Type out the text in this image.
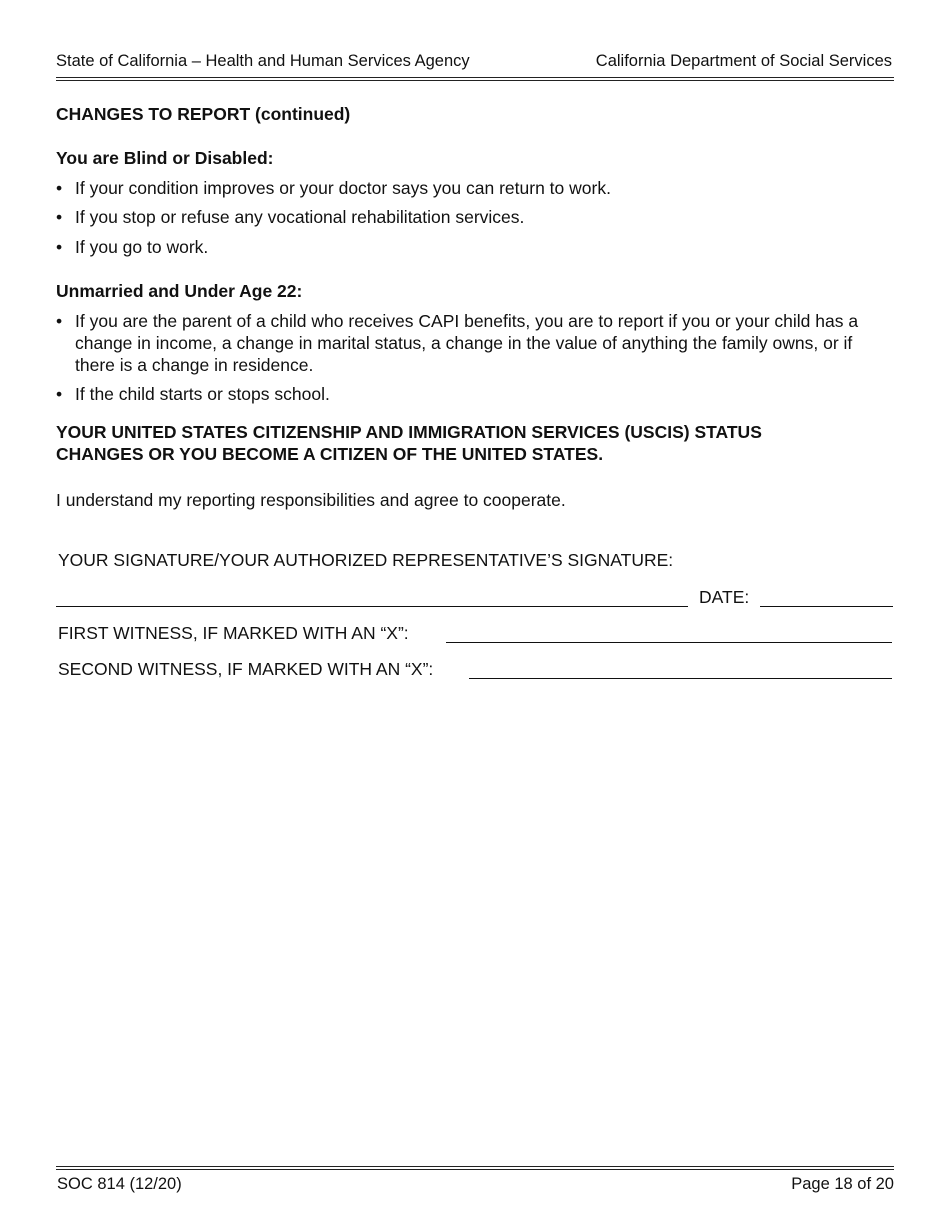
State of California – Health and Human Services Agency	California Department of Social Services
CHANGES TO REPORT (continued)
You are Blind or Disabled:
• If your condition improves or your doctor says you can return to work.
• If you stop or refuse any vocational rehabilitation services.
• If you go to work.
Unmarried and Under Age 22:
• If you are the parent of a child who receives CAPI benefits, you are to report if you or your child has a change in income, a change in marital status, a change in the value of anything the family owns, or if there is a change in residence.
• If the child starts or stops school.
YOUR UNITED STATES CITIZENSHIP AND IMMIGRATION SERVICES (USCIS) STATUS CHANGES OR YOU BECOME A CITIZEN OF THE UNITED STATES.
I understand my reporting responsibilities and agree to cooperate.
YOUR SIGNATURE/YOUR AUTHORIZED REPRESENTATIVE’S SIGNATURE:
DATE:
FIRST WITNESS, IF MARKED WITH AN “X”:
SECOND WITNESS, IF MARKED WITH AN “X”:
SOC 814 (12/20)	Page 18 of 20
